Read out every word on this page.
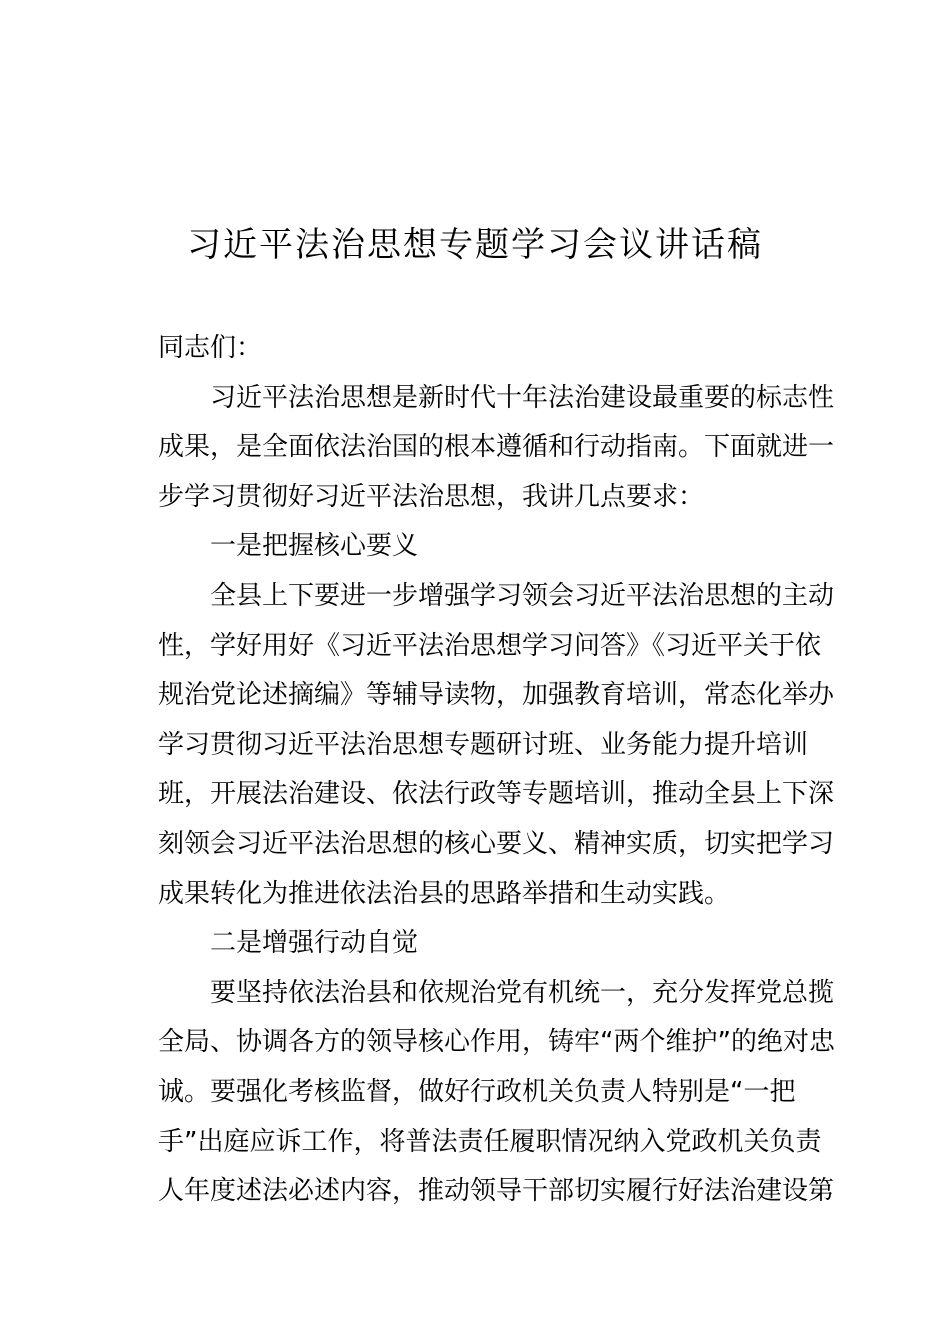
习近平法治思想专题学习会议讲话稿

同志们：

习近平法治思想是新时代十年法治建设最重要的标志性成果，是全面依法治国的根本遵循和行动指南。下面就进一步学习贯彻好习近平法治思想，我讲几点要求：

一是把握核心要义

全县上下要进一步增强学习领会习近平法治思想的主动性，学好用好《习近平法治思想学习问答》《习近平关于依规治党论述摘编》等辅导读物，加强教育培训，常态化举办学习贯彻习近平法治思想专题研讨班、业务能力提升培训班，开展法治建设、依法行政等专题培训，推动全县上下深刻领会习近平法治思想的核心要义、精神实质，切实把学习成果转化为推进依法治县的思路举措和生动实践。

二是增强行动自觉

要坚持依法治县和依规治党有机统一，充分发挥党总揽全局、协调各方的领导核心作用，铸牢“两个维护”的绝对忠诚。要强化考核监督，做好行政机关负责人特别是“一把手”出庭应诉工作，将普法责任履职情况纳入党政机关负责人年度述法必述内容，推动领导干部切实履行好法治建设第
